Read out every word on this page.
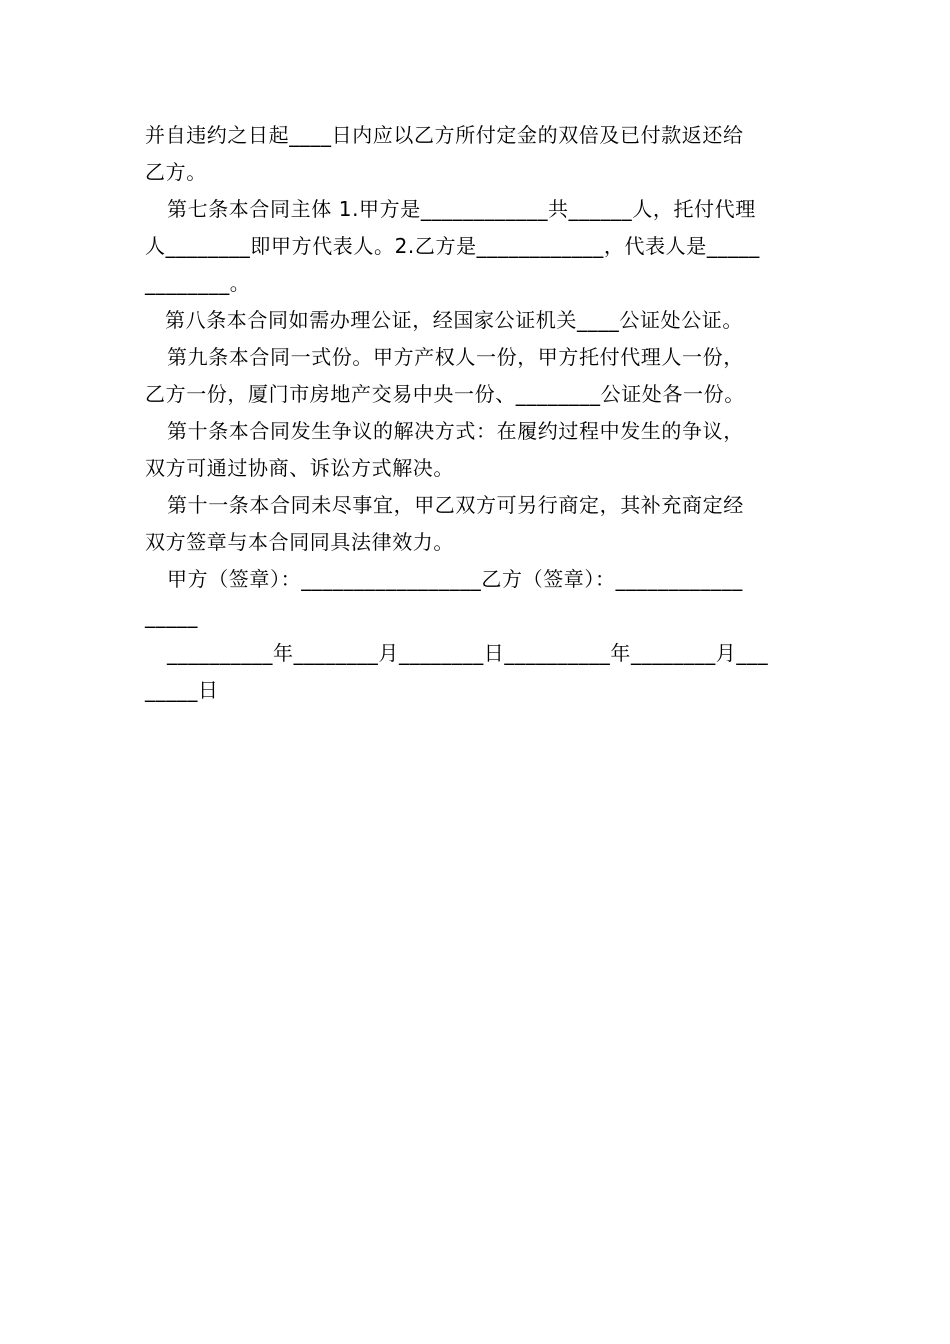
并自违约之日起____日内应以乙方所付定金的双倍及已付款返还给
乙方。
第七条本合同主体 1.甲方是____________共______人，托付代理
人________即甲方代表人。2.乙方是____________，代表人是_____
________。
第八条本合同如需办理公证，经国家公证机关____公证处公证。
第九条本合同一式份。甲方产权人一份，甲方托付代理人一份，
乙方一份，厦门市房地产交易中央一份、________公证处各一份。
第十条本合同发生争议的解决方式：在履约过程中发生的争议，
双方可通过协商、诉讼方式解决。
第十一条本合同未尽事宜，甲乙双方可另行商定，其补充商定经
双方签章与本合同同具法律效力。
甲方（签章）：_________________乙方（签章）：____________
_____
__________年________月________日__________年________月___
_____日
